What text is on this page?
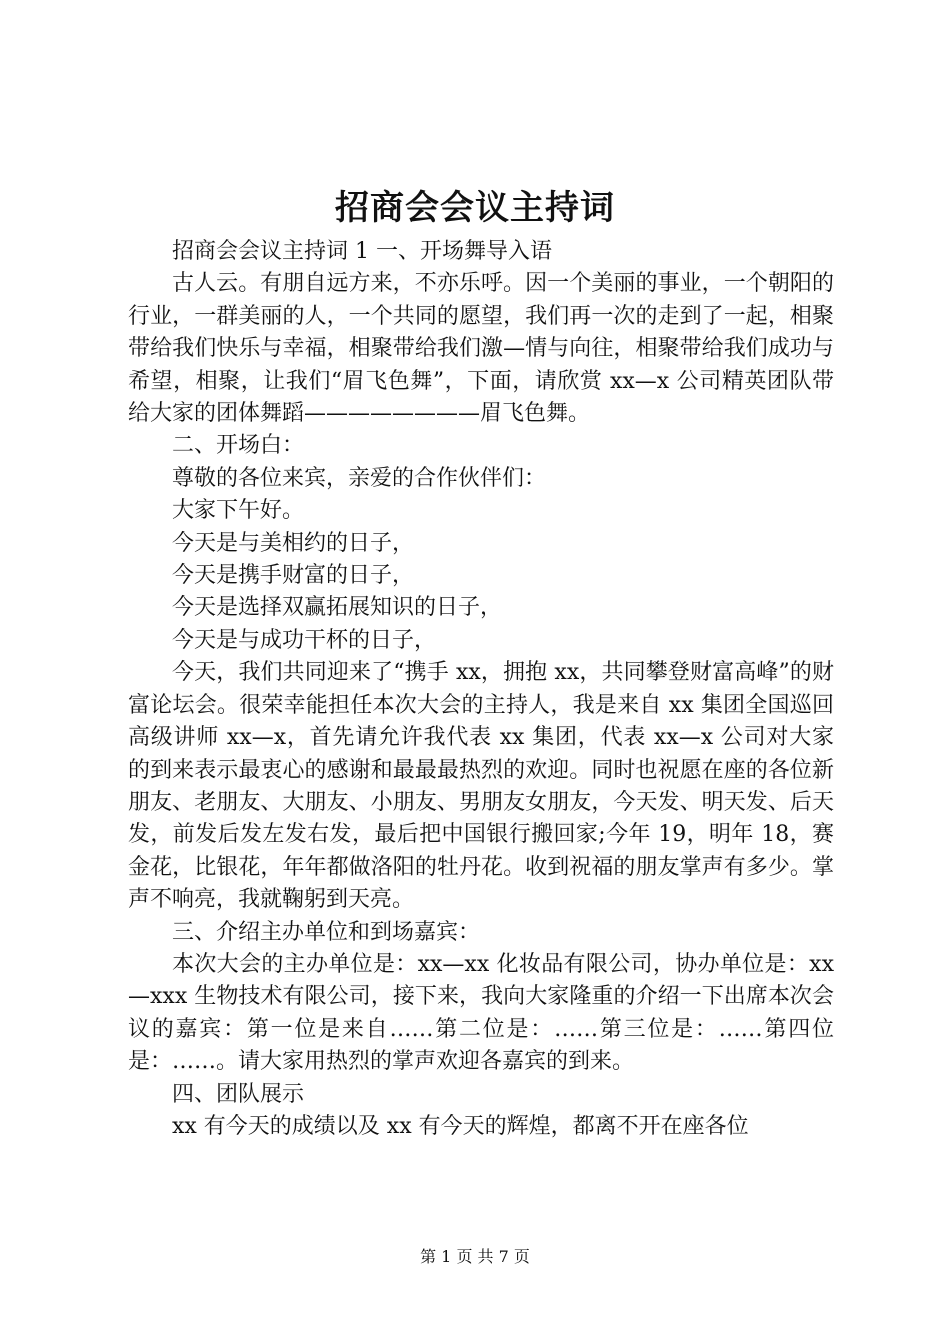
招商会会议主持词

招商会会议主持词 1 一、开场舞导入语

古人云。有朋自远方来，不亦乐呼。因一个美丽的事业，一个朝阳的行业，一群美丽的人，一个共同的愿望，我们再一次的走到了一起，相聚带给我们快乐与幸福，相聚带给我们激—情与向往，相聚带给我们成功与希望，相聚，让我们“眉飞色舞”，下面，请欣赏 xx—x 公司精英团队带给大家的团体舞蹈————————眉飞色舞。

二、开场白：

尊敬的各位来宾，亲爱的合作伙伴们：

大家下午好。

今天是与美相约的日子，

今天是携手财富的日子，

今天是选择双赢拓展知识的日子，

今天是与成功干杯的日子，

今天，我们共同迎来了“携手 xx，拥抱 xx，共同攀登财富高峰”的财富论坛会。很荣幸能担任本次大会的主持人，我是来自 xx 集团全国巡回高级讲师 xx—x，首先请允许我代表 xx 集团，代表 xx—x 公司对大家的到来表示最衷心的感谢和最最最热烈的欢迎。同时也祝愿在座的各位新朋友、老朋友、大朋友、小朋友、男朋友女朋友，今天发、明天发、后天发，前发后发左发右发，最后把中国银行搬回家;今年 19，明年 18，赛金花，比银花，年年都做洛阳的牡丹花。收到祝福的朋友掌声有多少。掌声不响亮，我就鞠躬到天亮。

三、介绍主办单位和到场嘉宾：

本次大会的主办单位是：xx—xx 化妆品有限公司，协办单位是：xx—xxx 生物技术有限公司，接下来，我向大家隆重的介绍一下出席本次会议的嘉宾：第一位是来自……第二位是：……第三位是：……第四位是：……。请大家用热烈的掌声欢迎各嘉宾的到来。

四、团队展示

xx 有今天的成绩以及 xx 有今天的辉煌，都离不开在座各位

第 1 页 共 7 页
